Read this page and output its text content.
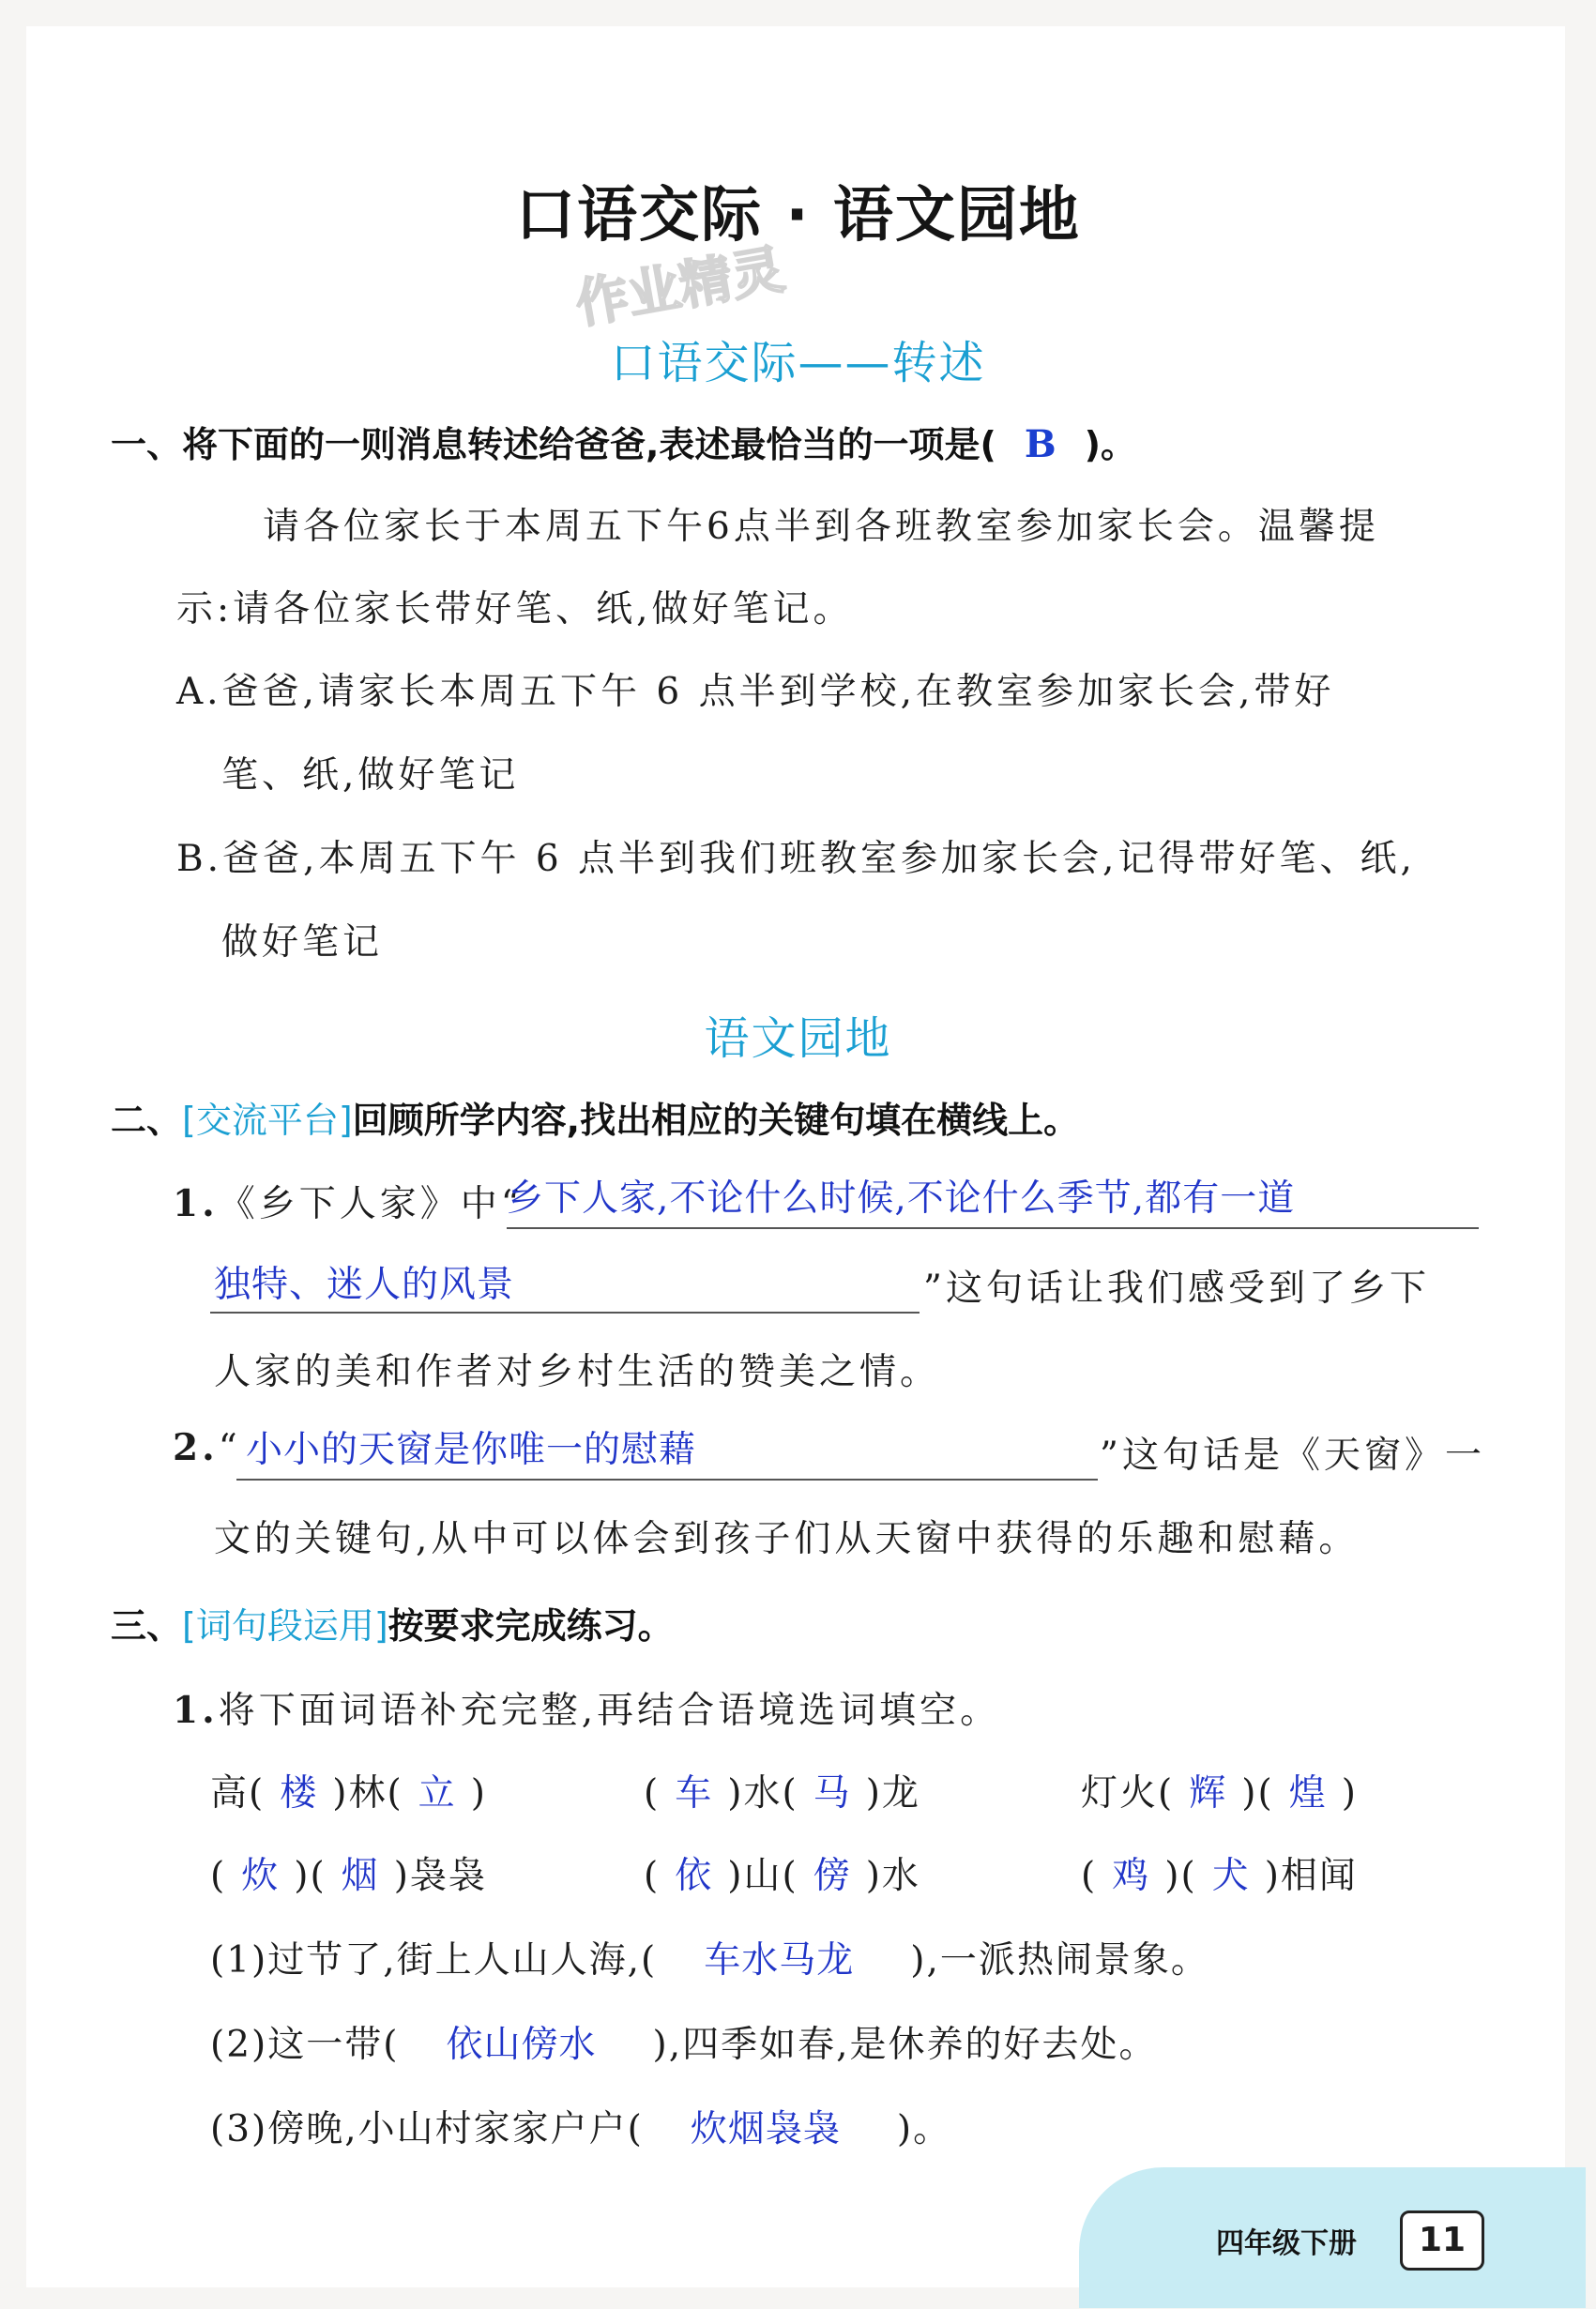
口语交际 · 语文园地
作业精灵
口语交际——转述
一、将下面的一则消息转述给爸爸,表述最恰当的一项是( B )。
请各位家长于本周五下午6点半到各班教室参加家长会。温馨提
示:请各位家长带好笔、纸,做好笔记。
A.爸爸,请家长本周五下午 6 点半到学校,在教室参加家长会,带好
笔、纸,做好笔记
B.爸爸,本周五下午 6 点半到我们班教室参加家长会,记得带好笔、纸,
做好笔记
语文园地
二、[交流平台]回顾所学内容,找出相应的关键句填在横线上。
1.《乡下人家》中“
乡下人家,不论什么时候,不论什么季节,都有一道
独特、迷人的风景	”这句话让我们感受到了乡下
人家的美和作者对乡村生活的赞美之情。
2.“ 小小的天窗是你唯一的慰藉	”这句话是《天窗》一
文的关键句,从中可以体会到孩子们从天窗中获得的乐趣和慰藉。
三、[词句段运用]按要求完成练习。
1.将下面词语补充完整,再结合语境选词填空。
高( 楼 )林( 立 )	( 车 )水( 马 )龙	灯火( 辉 )( 煌 )
( 炊 )( 烟 )袅袅	( 依 )山( 傍 )水	( 鸡 )( 犬 )相闻
(1)过节了,街上人山人海,( 车水马龙 ),一派热闹景象。
(2)这一带( 依山傍水 ),四季如春,是休养的好去处。
(3)傍晚,小山村家家户户( 炊烟袅袅 )。
四年级下册	11
